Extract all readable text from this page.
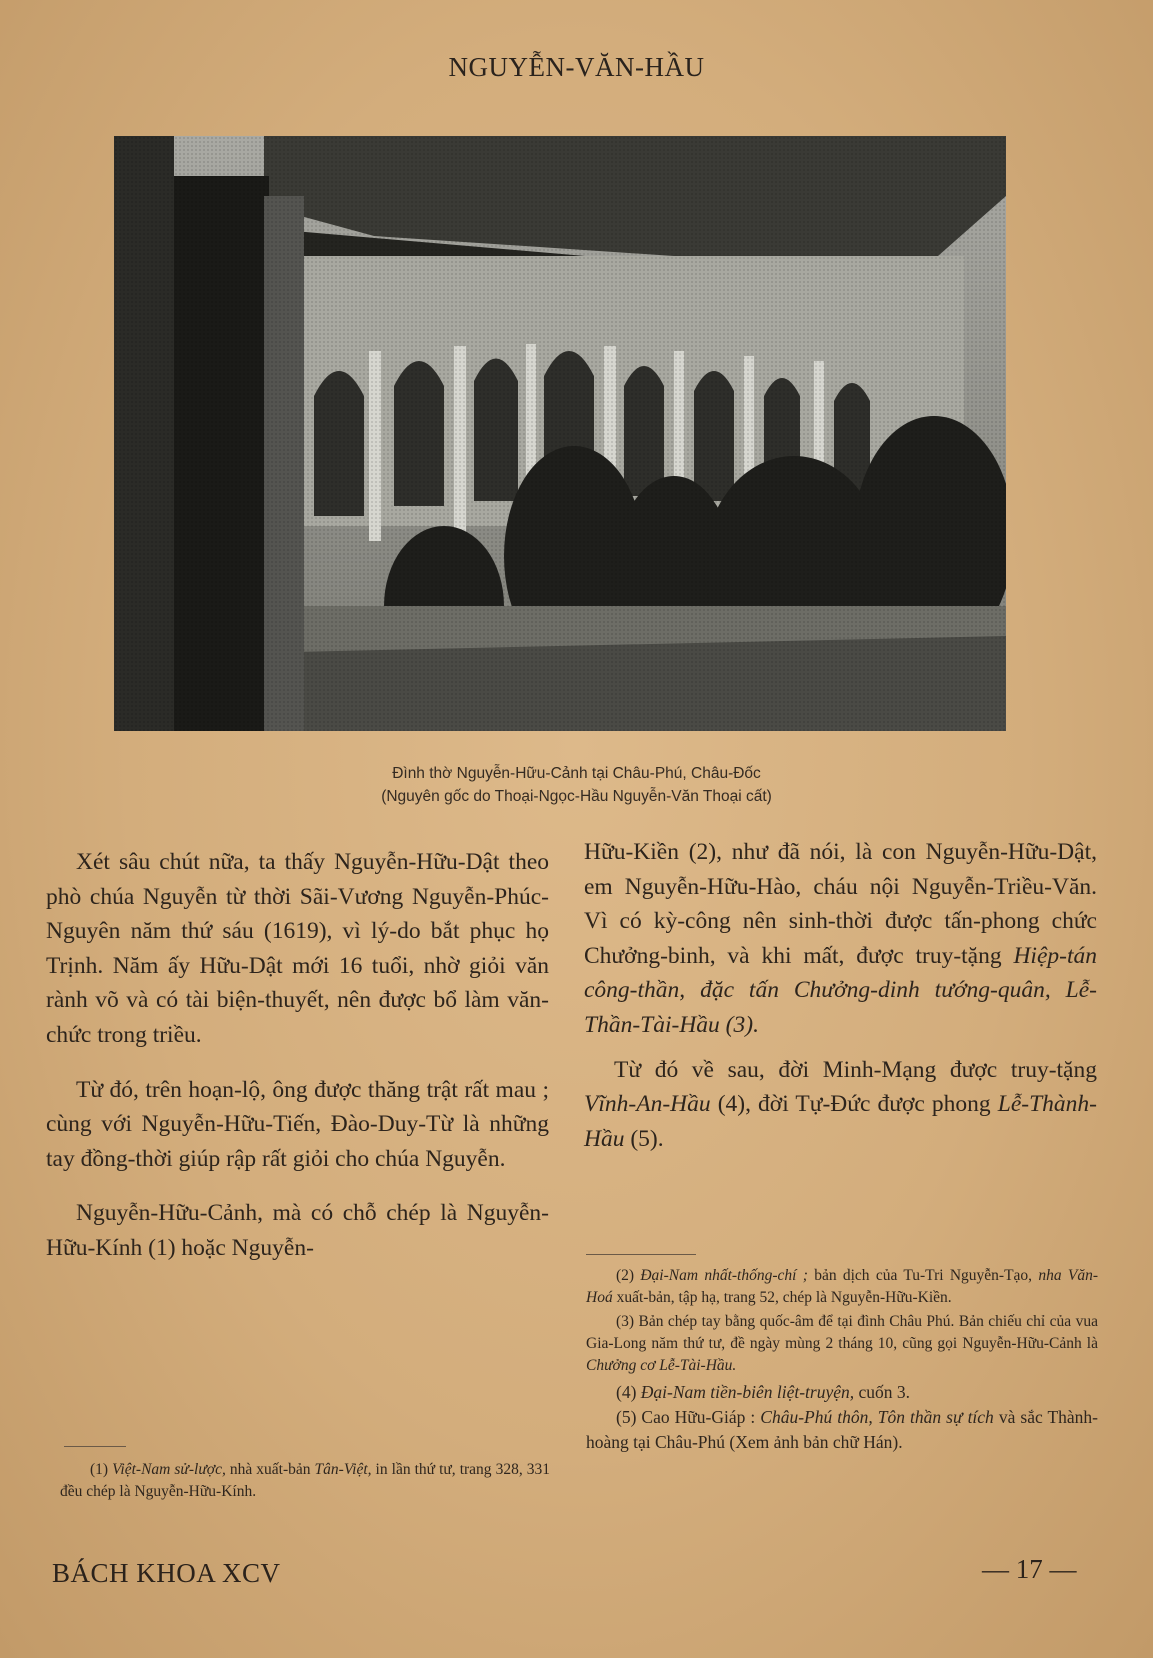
NGUYỄN-VĂN-HẦU
Đình thờ Nguyễn-Hữu-Cảnh tại Châu-Phú, Châu-Đốc
(Nguyên gốc do Thoại-Ngọc-Hầu Nguyễn-Văn Thoại cất)

Xét sâu chút nữa, ta thấy Nguyễn-Hữu-Dật theo phò chúa Nguyễn từ thời Sãi-Vương Nguyễn-Phúc-Nguyên năm thứ sáu (1619), vì lý-do bắt phục họ Trịnh. Năm ấy Hữu-Dật mới 16 tuổi, nhờ giỏi văn rành võ và có tài biện-thuyết, nên được bổ làm văn-chức trong triều.

Từ đó, trên hoạn-lộ, ông được thăng trật rất mau ; cùng với Nguyễn-Hữu-Tiến, Đào-Duy-Từ là những tay đồng-thời giúp rập rất giỏi cho chúa Nguyễn.

Nguyễn-Hữu-Cảnh, mà có chỗ chép là Nguyễn-Hữu-Kính (1) hoặc Nguyễn-

Hữu-Kiền (2), như đã nói, là con Nguyễn-Hữu-Dật, em Nguyễn-Hữu-Hào, cháu nội Nguyễn-Triều-Văn. Vì có kỳ-công nên sinh-thời được tấn-phong chức Chưởng-binh, và khi mất, được truy-tặng Hiệp-tán công-thần, đặc tấn Chưởng-dinh tướng-quân, Lễ-Thần-Tài-Hầu (3).

Từ đó về sau, đời Minh-Mạng được truy-tặng Vĩnh-An-Hầu (4), đời Tự-Đức được phong Lễ-Thành-Hầu (5).

(2) Đại-Nam nhất-thống-chí ; bản dịch của Tu-Tri Nguyễn-Tạo, nha Văn-Hoá xuất-bản, tập hạ, trang 52, chép là Nguyễn-Hữu-Kiền.

(3) Bản chép tay bằng quốc-âm để tại đình Châu Phú. Bản chiếu chỉ của vua Gia-Long năm thứ tư, đề ngày mùng 2 tháng 10, cũng gọi Nguyễn-Hữu-Cảnh là Chưởng cơ Lễ-Tài-Hầu.

(4) Đại-Nam tiền-biên liệt-truyện, cuốn 3.

(5) Cao Hữu-Giáp : Châu-Phú thôn, Tôn thần sự tích và sắc Thành-hoàng tại Châu-Phú (Xem ảnh bản chữ Hán).

(1) Việt-Nam sử-lược, nhà xuất-bản Tân-Việt, in lần thứ tư, trang 328, 331 đều chép là Nguyễn-Hữu-Kính.

BÁCH KHOA XCV	— 17 —
